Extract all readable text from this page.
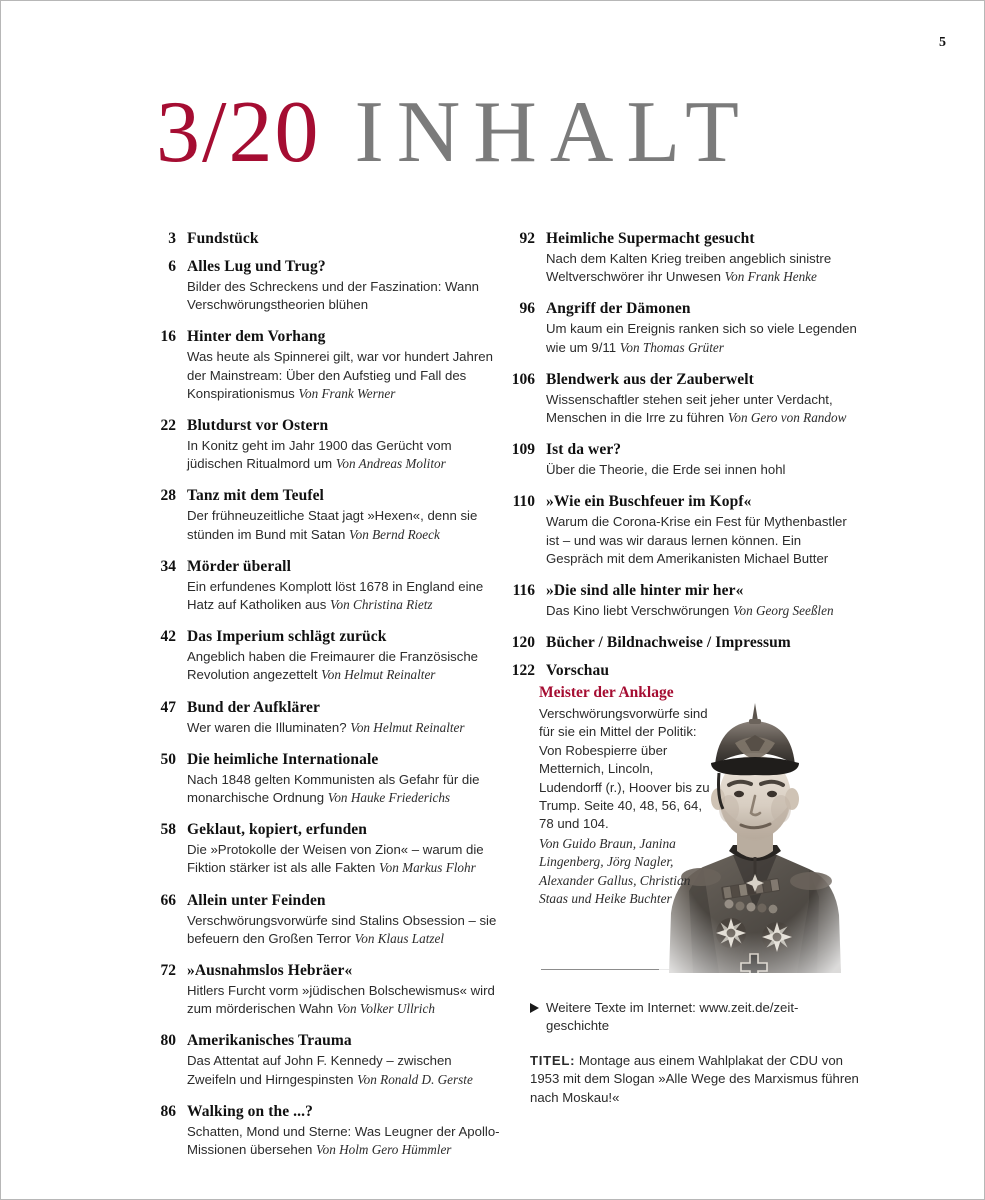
5
3/20 INHALT
3 Fundstück
6 Alles Lug und Trug?
Bilder des Schreckens und der Faszination: Wann Verschwörungstheorien blühen
16 Hinter dem Vorhang
Was heute als Spinnerei gilt, war vor hundert Jahren der Mainstream: Über den Aufstieg und Fall des Konspirationismus Von Frank Werner
22 Blutdurst vor Ostern
In Konitz geht im Jahr 1900 das Gerücht vom jüdischen Ritualmord um Von Andreas Molitor
28 Tanz mit dem Teufel
Der frühneuzeitliche Staat jagt »Hexen«, denn sie stünden im Bund mit Satan Von Bernd Roeck
34 Mörder überall
Ein erfundenes Komplott löst 1678 in England eine Hatz auf Katholiken aus Von Christina Rietz
42 Das Imperium schlägt zurück
Angeblich haben die Freimaurer die Französische Revolution angezettelt Von Helmut Reinalter
47 Bund der Aufklärer
Wer waren die Illuminaten? Von Helmut Reinalter
50 Die heimliche Internationale
Nach 1848 gelten Kommunisten als Gefahr für die monarchische Ordnung Von Hauke Friederichs
58 Geklaut, kopiert, erfunden
Die »Protokolle der Weisen von Zion« – warum die Fiktion stärker ist als alle Fakten Von Markus Flohr
66 Allein unter Feinden
Verschwörungsvorwürfe sind Stalins Obsession – sie befeuern den Großen Terror Von Klaus Latzel
72 »Ausnahmslos Hebräer«
Hitlers Furcht vorm »jüdischen Bolschewismus« wird zum mörderischen Wahn Von Volker Ullrich
80 Amerikanisches Trauma
Das Attentat auf John F. Kennedy – zwischen Zweifeln und Hirngespinsten Von Ronald D. Gerste
86 Walking on the ...?
Schatten, Mond und Sterne: Was Leugner der Apollo-Missionen übersehen Von Holm Gero Hümmler
92 Heimliche Supermacht gesucht
Nach dem Kalten Krieg treiben angeblich sinistre Weltverschwörer ihr Unwesen Von Frank Henke
96 Angriff der Dämonen
Um kaum ein Ereignis ranken sich so viele Legenden wie um 9/11 Von Thomas Grüter
106 Blendwerk aus der Zauberwelt
Wissenschaftler stehen seit jeher unter Verdacht, Menschen in die Irre zu führen Von Gero von Randow
109 Ist da wer?
Über die Theorie, die Erde sei innen hohl
110 »Wie ein Buschfeuer im Kopf«
Warum die Corona-Krise ein Fest für Mythenbastler ist – und was wir daraus lernen können. Ein Gespräch mit dem Amerikanisten Michael Butter
116 »Die sind alle hinter mir her«
Das Kino liebt Verschwörungen Von Georg Seeßlen
120 Bücher / Bildnachweise / Impressum
122 Vorschau
Meister der Anklage
Verschwörungsvorwürfe sind für sie ein Mittel der Politik: Von Robespierre über Metternich, Lincoln, Ludendorff (r.), Hoover bis zu Trump. Seite 40, 48, 56, 64, 78 und 104.
Von Guido Braun, Janina Lingenberg, Jörg Nagler, Alexander Gallus, Christian Staas und Heike Buchter
Weitere Texte im Internet: www.zeit.de/zeit-geschichte
TITEL: Montage aus einem Wahlplakat der CDU von 1953 mit dem Slogan »Alle Wege des Marxismus führen nach Moskau!«
